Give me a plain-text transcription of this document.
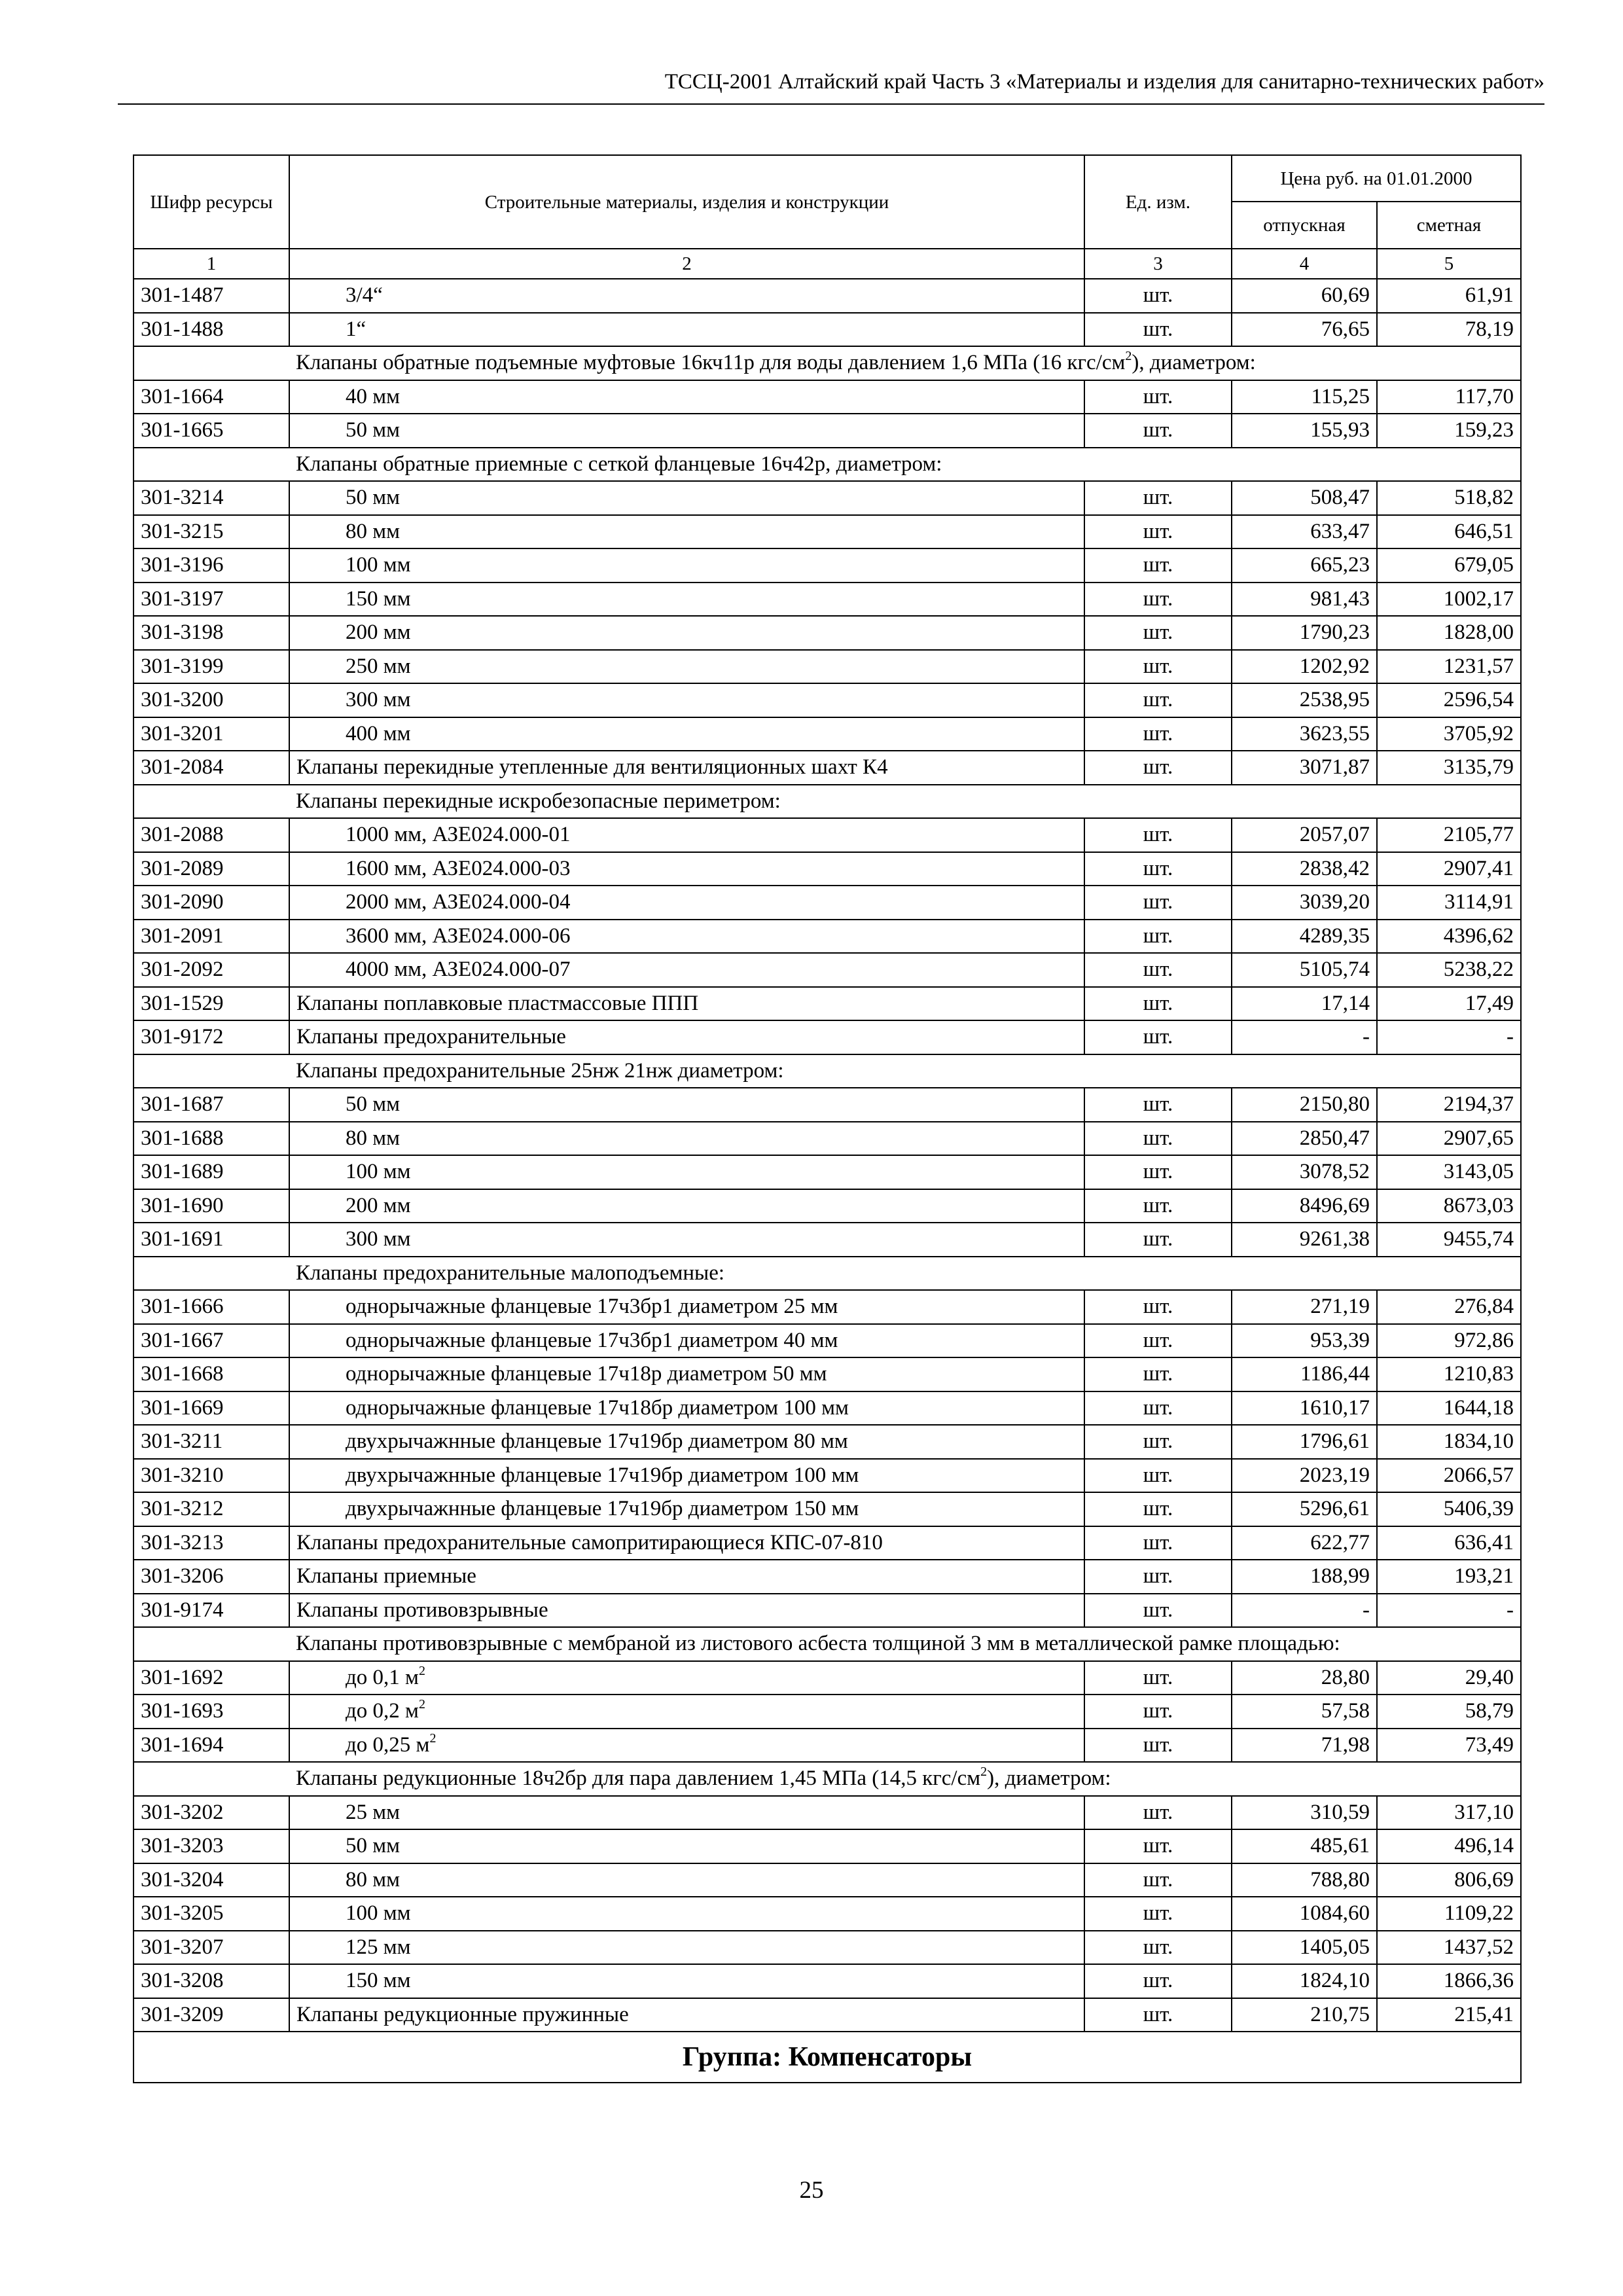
ТССЦ-2001 Алтайский край Часть 3 «Материалы и изделия для санитарно-технических работ»
Шифр ресурсы	Строительные материалы, изделия и конструкции	Ед. изм.	Цена руб. на 01.01.2000	
			отпускная	сметная
1	2	3	4	5
301-1487	3/4“	шт.	60,69	61,91
301-1488	1“	шт.	76,65	78,19
	Клапаны обратные подъемные муфтовые 16кч11р для воды давлением 1,6 МПа (16 кгс/$см^2$), диаметром:			
301-1664	40 мм	шт.	115,25	117,70
301-1665	50 мм	шт.	155,93	159,23
	Клапаны обратные приемные с сеткой фланцевые 16ч42р, диаметром:			
301-3214	50 мм	шт.	508,47	518,82
301-3215	80 мм	шт.	633,47	646,51
301-3196	100 мм	шт.	665,23	679,05
301-3197	150 мм	шт.	981,43	1002,17
301-3198	200 мм	шт.	1790,23	1828,00
301-3199	250 мм	шт.	1202,92	1231,57
301-3200	300 мм	шт.	2538,95	2596,54
301-3201	400 мм	шт.	3623,55	3705,92
301-2084	Клапаны перекидные утепленные для вентиляционных шахт К4	шт.	3071,87	3135,79
	Клапаны перекидные искробезопасные периметром:			
301-2088	1000 мм, АЗЕ024.000-01	шт.	2057,07	2105,77
301-2089	1600 мм, АЗЕ024.000-03	шт.	2838,42	2907,41
301-2090	2000 мм, АЗЕ024.000-04	шт.	3039,20	3114,91
301-2091	3600 мм, АЗЕ024.000-06	шт.	4289,35	4396,62
301-2092	4000 мм, АЗЕ024.000-07	шт.	5105,74	5238,22
301-1529	Клапаны поплавковые пластмассовые ППП	шт.	17,14	17,49
301-9172	Клапаны предохранительные	шт.	-	-
	Клапаны предохранительные 25нж 21нж диаметром:			
301-1687	50 мм	шт.	2150,80	2194,37
301-1688	80 мм	шт.	2850,47	2907,65
301-1689	100 мм	шт.	3078,52	3143,05
301-1690	200 мм	шт.	8496,69	8673,03
301-1691	300 мм	шт.	9261,38	9455,74
	Клапаны предохранительные малоподъемные:			
301-1666	однорычажные фланцевые 17ч3бр1 диаметром 25 мм	шт.	271,19	276,84
301-1667	однорычажные фланцевые 17ч3бр1 диаметром 40 мм	шт.	953,39	972,86
301-1668	однорычажные фланцевые 17ч18р диаметром 50 мм	шт.	1186,44	1210,83
301-1669	однорычажные фланцевые 17ч18бр диаметром 100 мм	шт.	1610,17	1644,18
301-3211	двухрычажнные фланцевые 17ч19бр диаметром 80 мм	шт.	1796,61	1834,10
301-3210	двухрычажнные фланцевые 17ч19бр диаметром 100 мм	шт.	2023,19	2066,57
301-3212	двухрычажнные фланцевые 17ч19бр диаметром 150 мм	шт.	5296,61	5406,39
301-3213	Клапаны предохранительные самопритирающиеся КПС-07-810	шт.	622,77	636,41
301-3206	Клапаны приемные	шт.	188,99	193,21
301-9174	Клапаны противовзрывные	шт.	-	-
	Клапаны противовзрывные с мембраной из листового асбеста толщиной 3 мм в металлической рамке площадью:			
301-1692	до 0,1 $м^2$	шт.	28,80	29,40
301-1693	до 0,2 $м^2$	шт.	57,58	58,79
301-1694	до 0,25 $м^2$	шт.	71,98	73,49
	Клапаны редукционные 18ч2бр для пара давлением 1,45 МПа (14,5 кгс/$см^2$), диаметром:			
301-3202	25 мм	шт.	310,59	317,10
301-3203	50 мм	шт.	485,61	496,14
301-3204	80 мм	шт.	788,80	806,69
301-3205	100 мм	шт.	1084,60	1109,22
301-3207	125 мм	шт.	1405,05	1437,52
301-3208	150 мм	шт.	1824,10	1866,36
301-3209	Клапаны редукционные пружинные	шт.	210,75	215,41
Группа: Компенсаторы				
25
